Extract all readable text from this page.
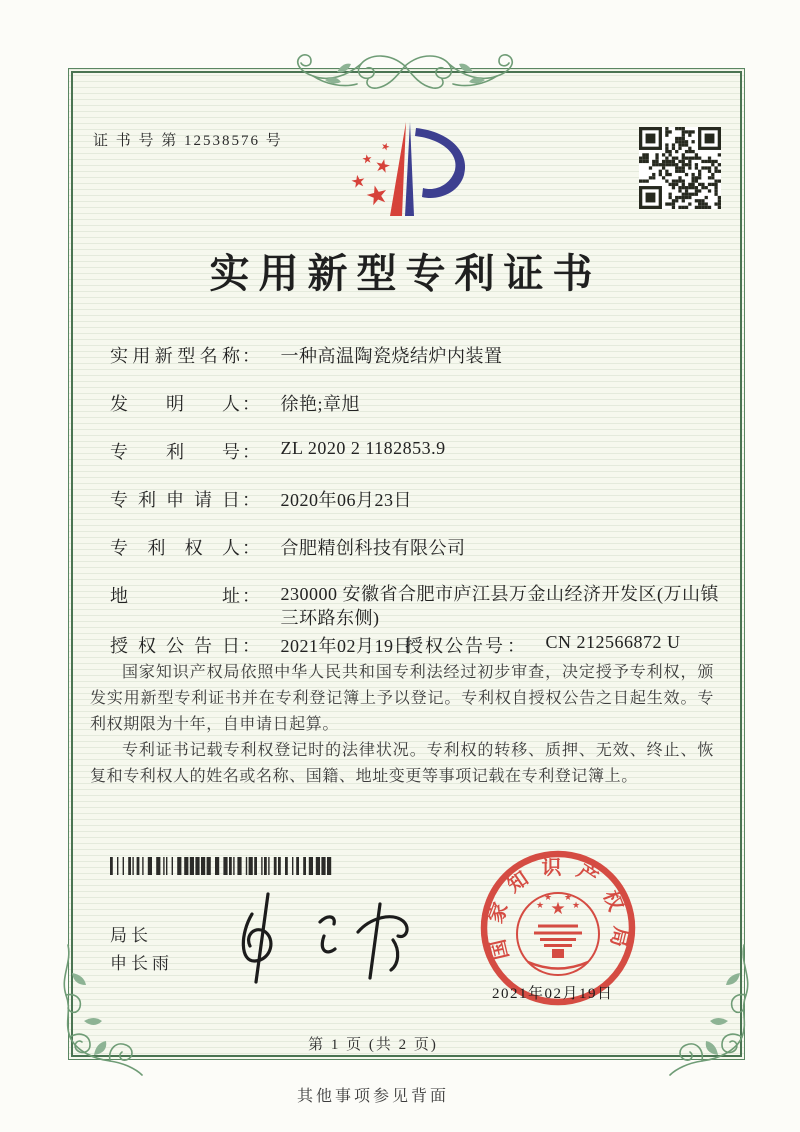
证 书 号 第 12538576 号
★
★
★
★
★
实用新型专利证书
实用新型名称 ： 一种高温陶瓷烧结炉内装置
发明人 ： 徐艳;章旭
专利号 ： ZL 2020 2 1182853.9
专利申请日 ： 2020年06月23日
专利权人 ： 合肥精创科技有限公司
地址 ： 230000 安徽省合肥市庐江县万金山经济开发区(万山镇三环路东侧)
授权公告日 ： 2021年02月19日
授权公告号 ： CN 212566872 U

国家知识产权局依照中华人民共和国专利法经过初步审查，决定授予专利权，颁发实用新型专利证书并在专利登记簿上予以登记。专利权自授权公告之日起生效。专利权期限为十年，自申请日起算。

专利证书记载专利权登记时的法律状况。专利权的转移、质押、无效、终止、恢复和专利权人的姓名或名称、国籍、地址变更等事项记载在专利登记簿上。

局长
申长雨
国家知识产权局
★
★
★ ★
★
2021年02月19日
第 1 页 (共 2 页)
其他事项参见背面
